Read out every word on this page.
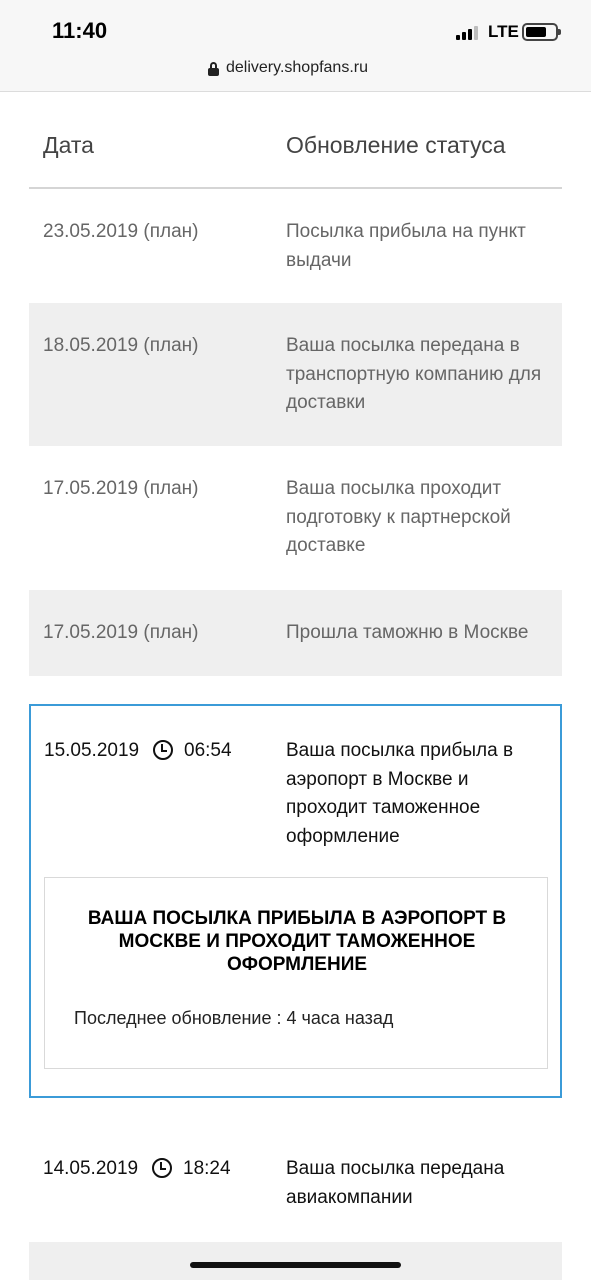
11:40	LTE
delivery.shopfans.ru
Дата	Обновление статуса
23.05.2019 (план)	Посылка прибыла на пункт выдачи
18.05.2019 (план)	Ваша посылка передана в транспортную компанию для доставки
17.05.2019 (план)	Ваша посылка проходит подготовку к партнерской доставке
17.05.2019 (план)	Прошла таможню в Москве
15.05.2019 06:54	Ваша посылка прибыла в аэропорт в Москве и проходит таможенное оформление
ВАША ПОСЫЛКА ПРИБЫЛА В АЭРОПОРТ В МОСКВЕ И ПРОХОДИТ ТАМОЖЕННОЕ ОФОРМЛЕНИЕ
Последнее обновление : 4 часа назад
14.05.2019 18:24	Ваша посылка передана авиакомпании
